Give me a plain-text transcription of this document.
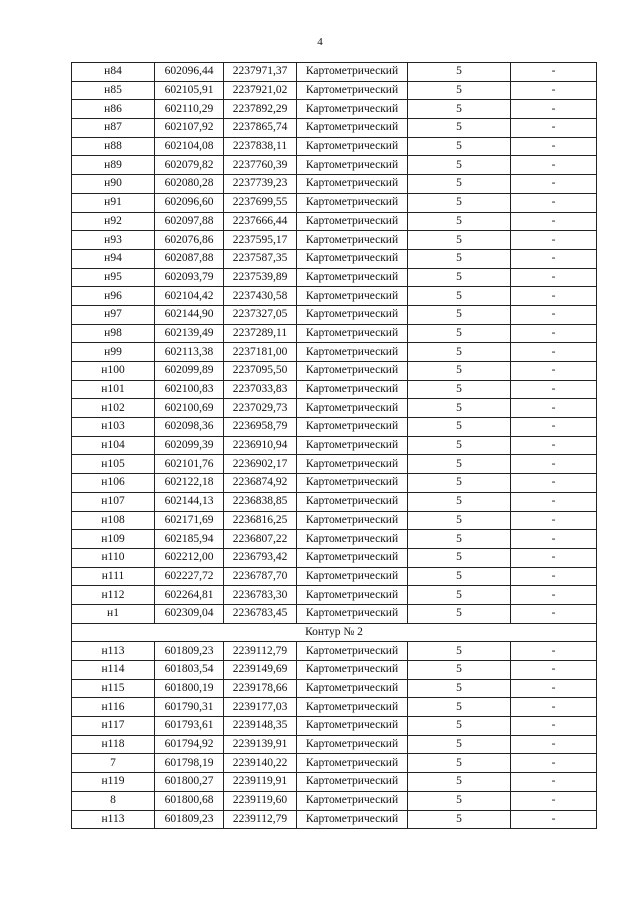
4
н84	602096,44	2237971,37	Картометрический	5	-
н85	602105,91	2237921,02	Картометрический	5	-
н86	602110,29	2237892,29	Картометрический	5	-
н87	602107,92	2237865,74	Картометрический	5	-
н88	602104,08	2237838,11	Картометрический	5	-
н89	602079,82	2237760,39	Картометрический	5	-
н90	602080,28	2237739,23	Картометрический	5	-
н91	602096,60	2237699,55	Картометрический	5	-
н92	602097,88	2237666,44	Картометрический	5	-
н93	602076,86	2237595,17	Картометрический	5	-
н94	602087,88	2237587,35	Картометрический	5	-
н95	602093,79	2237539,89	Картометрический	5	-
н96	602104,42	2237430,58	Картометрический	5	-
н97	602144,90	2237327,05	Картометрический	5	-
н98	602139,49	2237289,11	Картометрический	5	-
н99	602113,38	2237181,00	Картометрический	5	-
н100	602099,89	2237095,50	Картометрический	5	-
н101	602100,83	2237033,83	Картометрический	5	-
н102	602100,69	2237029,73	Картометрический	5	-
н103	602098,36	2236958,79	Картометрический	5	-
н104	602099,39	2236910,94	Картометрический	5	-
н105	602101,76	2236902,17	Картометрический	5	-
н106	602122,18	2236874,92	Картометрический	5	-
н107	602144,13	2236838,85	Картометрический	5	-
н108	602171,69	2236816,25	Картометрический	5	-
н109	602185,94	2236807,22	Картометрический	5	-
н110	602212,00	2236793,42	Картометрический	5	-
н111	602227,72	2236787,70	Картометрический	5	-
н112	602264,81	2236783,30	Картометрический	5	-
н1	602309,04	2236783,45	Картометрический	5	-
Контур № 2					
н113	601809,23	2239112,79	Картометрический	5	-
н114	601803,54	2239149,69	Картометрический	5	-
н115	601800,19	2239178,66	Картометрический	5	-
н116	601790,31	2239177,03	Картометрический	5	-
н117	601793,61	2239148,35	Картометрический	5	-
н118	601794,92	2239139,91	Картометрический	5	-
7	601798,19	2239140,22	Картометрический	5	-
н119	601800,27	2239119,91	Картометрический	5	-
8	601800,68	2239119,60	Картометрический	5	-
н113	601809,23	2239112,79	Картометрический	5	-
